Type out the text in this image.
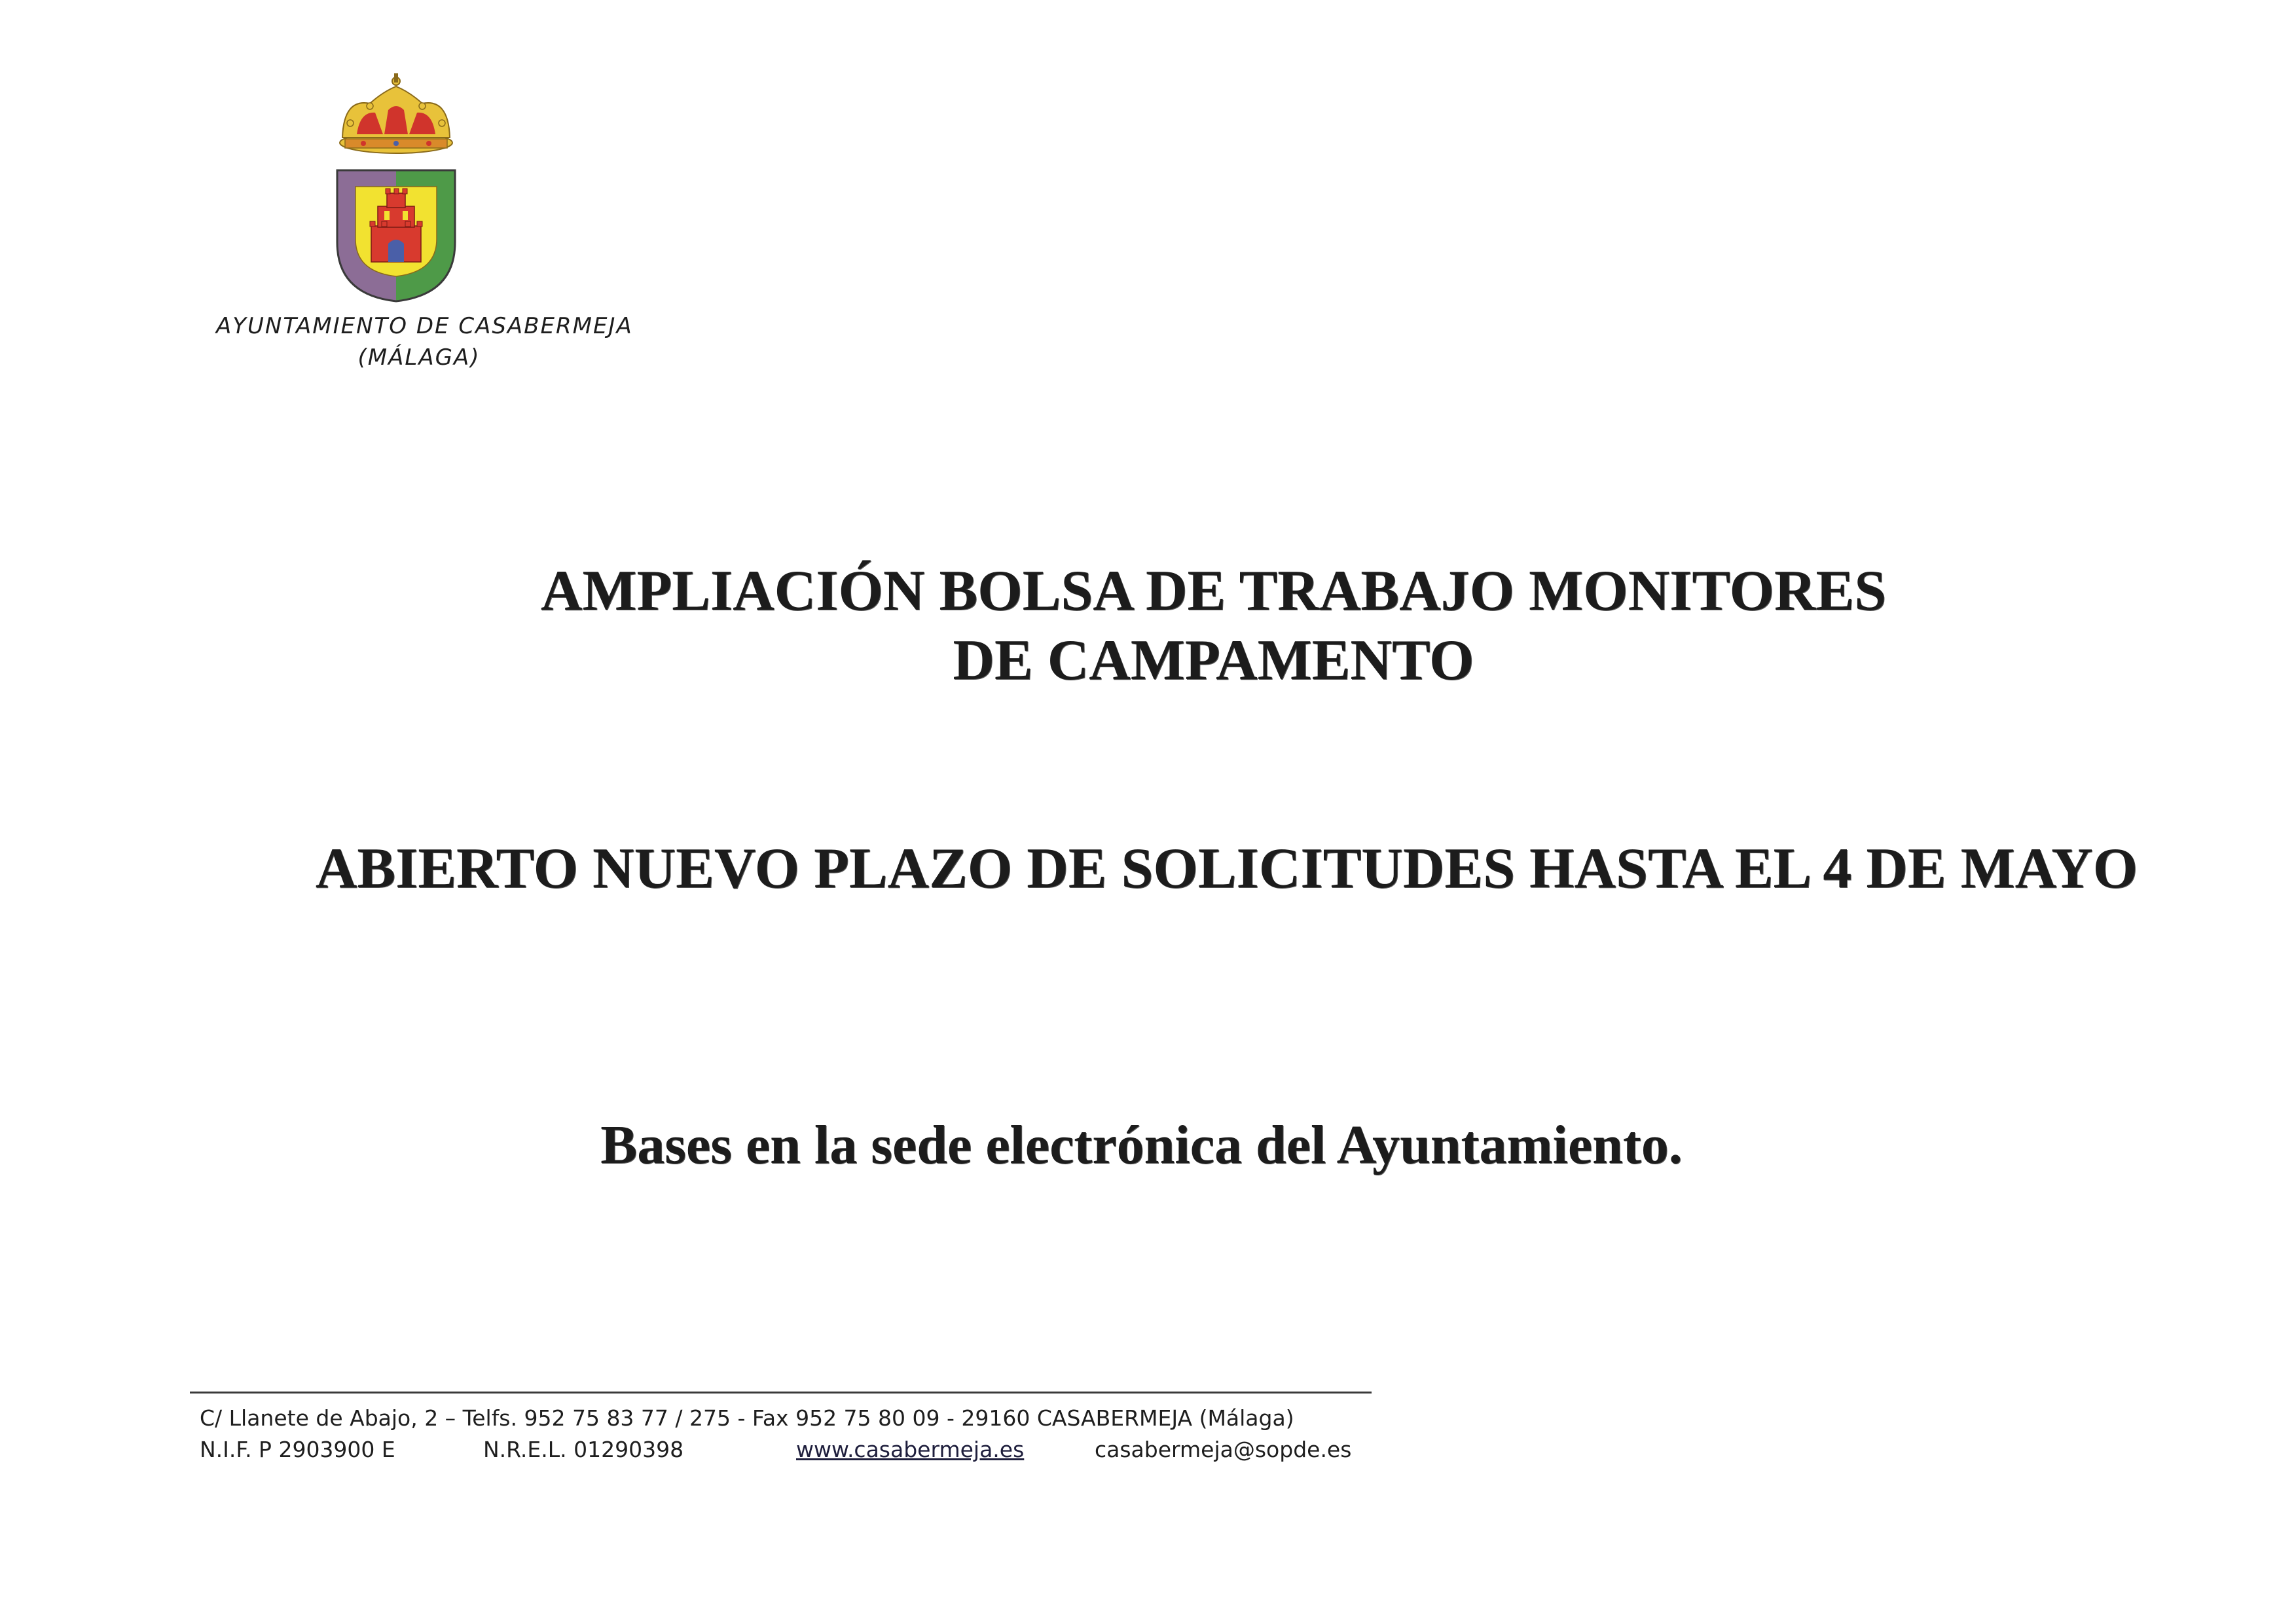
AYUNTAMIENTO DE CASABERMEJA
(MÁLAGA)
AMPLIACIÓN BOLSA DE TRABAJO MONITORES
DE CAMPAMENTO
ABIERTO NUEVO PLAZO DE SOLICITUDES HASTA EL 4 DE MAYO
Bases en la sede electrónica del Ayuntamiento.
C/ Llanete de Abajo, 2 – Telfs. 952 75 83 77 / 275 - Fax 952 75 80 09 - 29160 CASABERMEJA (Málaga)
N.I.F. P 2903900 E	N.R.E.L. 01290398	www.casabermeja.es	casabermeja@sopde.es
